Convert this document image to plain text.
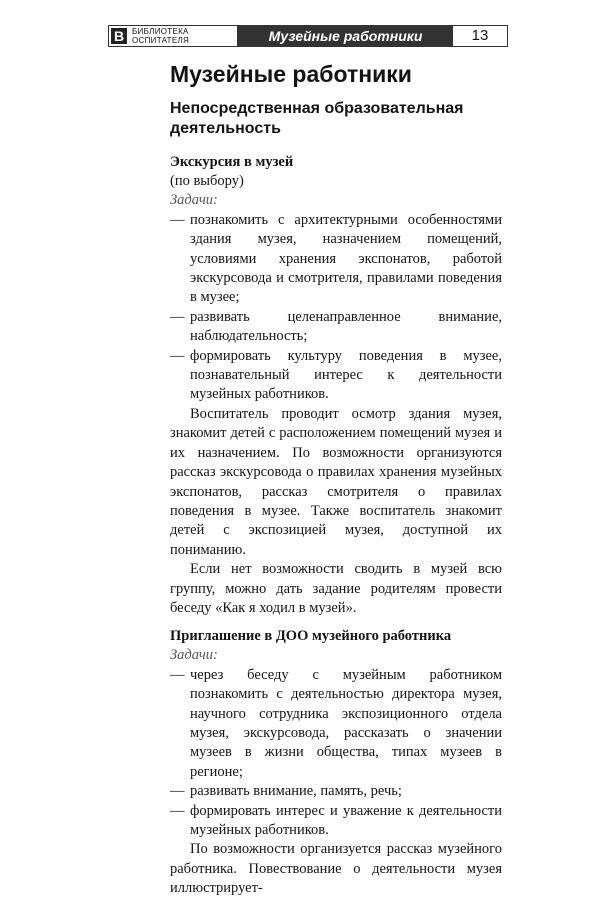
В БИБЛИОТЕКА
ОСПИТАТЕЛЯ	Музейные работники	13
Музейные работники
Непосредственная образовательная деятельность
Экскурсия в музей
(по выбору)
Задачи:
— познакомить с архитектурными особенностями здания музея, назначением помещений, условиями хранения экспонатов, работой экскурсовода и смотрителя, правилами поведения в музее;
— развивать целенаправленное внимание, наблюдательность;
— формировать культуру поведения в музее, познавательный интерес к деятельности музейных работников.

Воспитатель проводит осмотр здания музея, знакомит детей с расположением помещений музея и их назначением. По возможности организуются рассказ экскурсовода о правилах хранения музейных экспонатов, рассказ смотрителя о правилах поведения в музее. Также воспитатель знакомит детей с экспозицией музея, доступной их пониманию.

Если нет возможности сводить в музей всю группу, можно дать задание родителям провести беседу «Как я ходил в музей».

Приглашение в ДОО музейного работника
Задачи:
— через беседу с музейным работником познакомить с деятельностью директора музея, научного сотрудника экспозиционного отдела музея, экскурсовода, рассказать о значении музеев в жизни общества, типах музеев в регионе;
— развивать внимание, память, речь;
— формировать интерес и уважение к деятельности музейных работников.

По возможности организуется рассказ музейного работника. Повествование о деятельности музея иллюстрирует-
